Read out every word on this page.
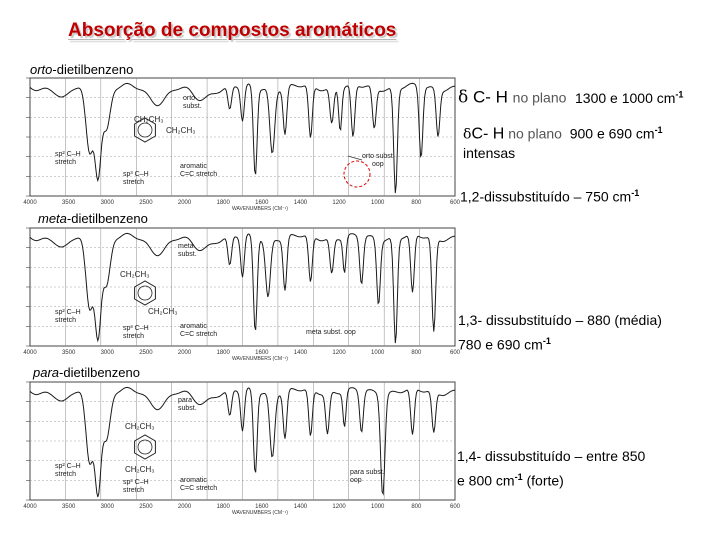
Absorção de compostos aromáticos
orto-dietilbenzeno
meta-dietilbenzeno
para-dietilbenzeno
4000	3500	3000	2500	2000	1800	1600	1400	1200	1000	800	600
WAVENUMBERS (CM⁻¹)
CH₂CH₃
CH₂CH₃
sp² C–H
stretch
sp³ C–H
stretch
aromatic
C=C stretch
orto
subst.
orto subst.
oop
4000	3500	3000	2500	2000	1800	1600	1400	1200	1000	800	600
WAVENUMBERS (CM⁻¹)
CH₂CH₃
CH₂CH₃
sp² C–H
stretch
sp³ C–H
stretch
aromatic
C=C stretch
meta
subst.
meta subst. oop
4000	3500	3000	2500	2000	1800	1600	1400	1200	1000	800	600
WAVENUMBERS (CM⁻¹)
CH₂CH₃
CH₂CH₃
sp² C–H
stretch
sp³ C–H
stretch
aromatic
C=C stretch
para
subst.
para subst.
oop
δ C- H no plano 1300 e 1000 $cm^{-1}$
δC- H no plano 900 e 690 $cm^{-1}$
intensas
1,2-dissubstituído – 750 $cm^{-1}$
1,3- dissubstituído – 880 (média)
780 e 690 $cm^{-1}$
1,4- dissubstituído – entre 850
e 800 $cm^{-1}$ (forte)
